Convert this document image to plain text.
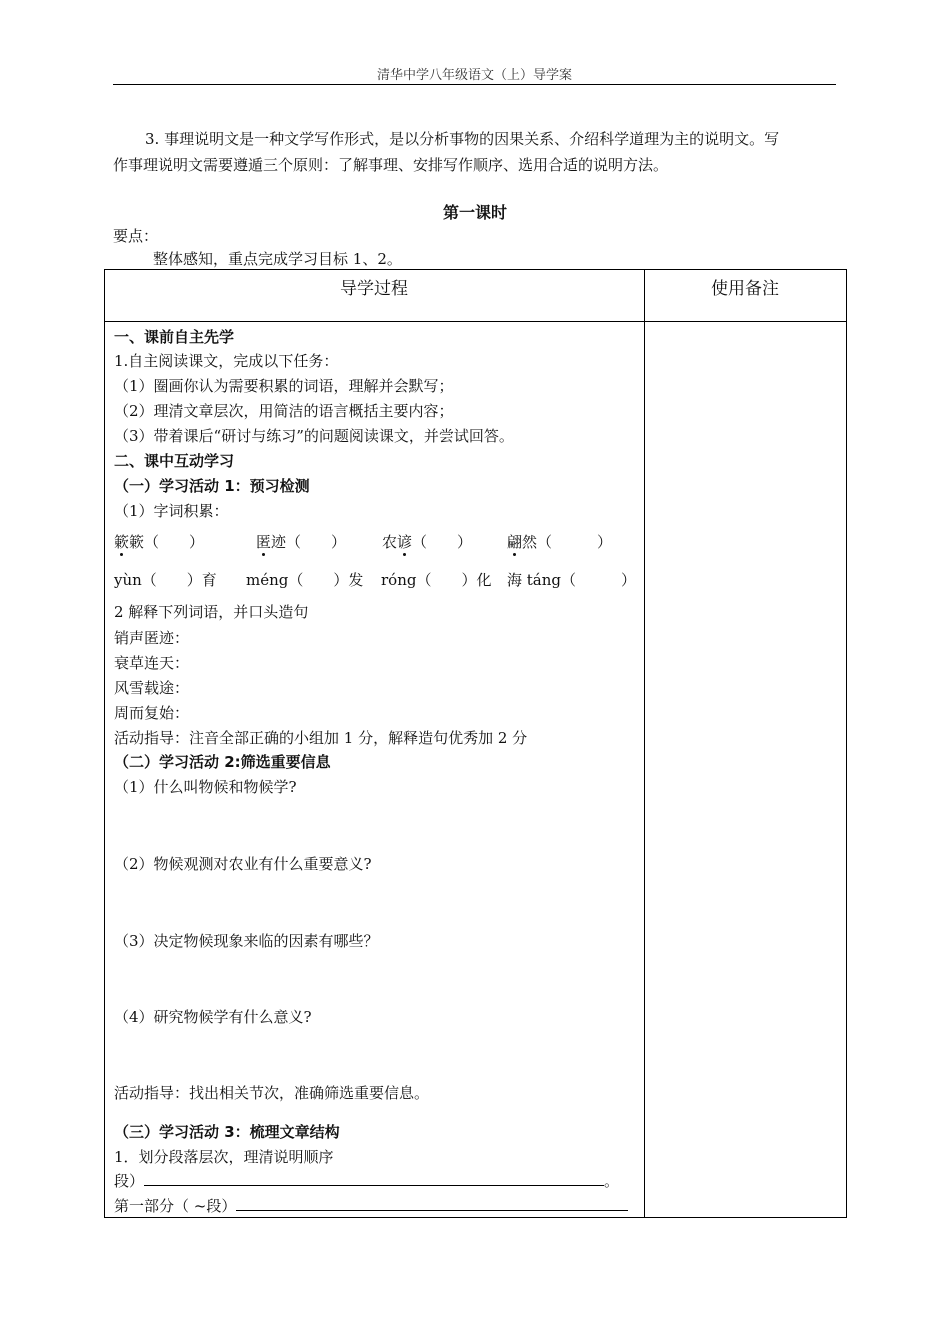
清华中学八年级语文（上）导学案
3. 事理说明文是一种文学写作形式，是以分析事物的因果关系、介绍科学道理为主的说明文。写
作事理说明文需要遵遁三个原则：了解事理、安排写作顺序、选用合适的说明方法。
第一课时
要点：
整体感知，重点完成学习目标 1、2。
导学过程	使用备注
一、课前自主先学
1.自主阅读课文，完成以下任务：
（1）圈画你认为需要积累的词语，理解并会默写；
（2）理清文章层次，用简洁的语言概括主要内容；
（3）带着课后“研讨与练习”的问题阅读课文，并尝试回答。
二、课中互动学习
（一）学习活动 1：预习检测
（1）字词积累：
簌簌（　　）	匿迹（　　） 农谚（　　） 翩然（　　　）
yùn（　　）育 méng（　　）发 róng（　　）化 海 táng（　　　）
2 解释下列词语，并口头造句
销声匿迹：
衰草连天：
风雪载途：
周而复始：
活动指导：注音全部正确的小组加 1 分，解释造句优秀加 2 分
（二）学习活动 2:筛选重要信息
（1）什么叫物候和物候学?
（2）物候观测对农业有什么重要意义?
（3）决定物候现象来临的因素有哪些？
（4）研究物候学有什么意义?
活动指导：找出相关节次，准确筛选重要信息。
（三）学习活动 3：梳理文章结构
1．划分段落层次，理清说明顺序
段）	。
第一部分（ ~段）
